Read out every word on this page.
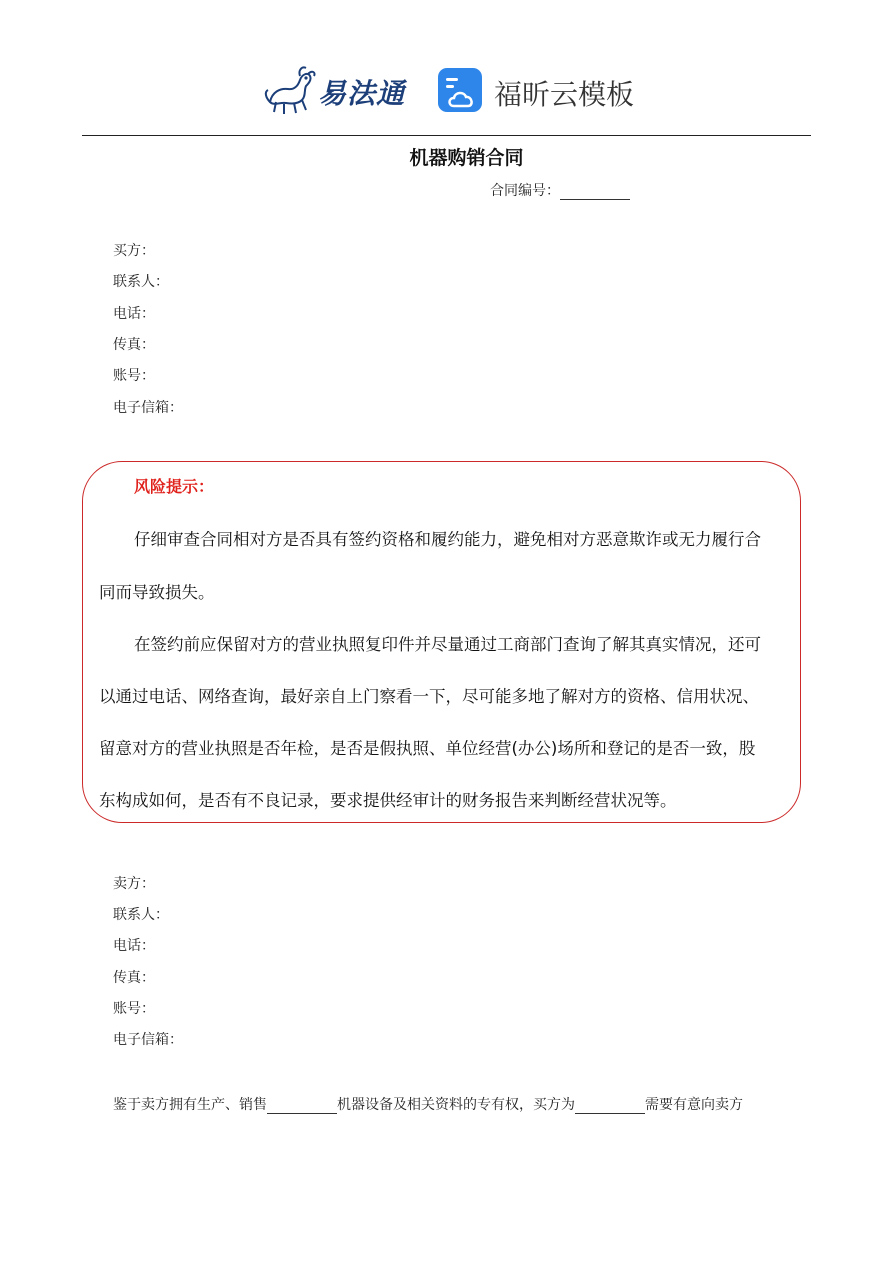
易法通	福昕云模板
机器购销合同
合同编号：
买方：
联系人：
电话：
传真：
账号：
电子信箱：
风险提示：
仔细审查合同相对方是否具有签约资格和履约能力，避免相对方恶意欺诈或无力履行合
同而导致损失。
在签约前应保留对方的营业执照复印件并尽量通过工商部门查询了解其真实情况，还可
以通过电话、网络查询，最好亲自上门察看一下，尽可能多地了解对方的资格、信用状况、
留意对方的营业执照是否年检，是否是假执照、单位经营(办公)场所和登记的是否一致，股
东构成如何，是否有不良记录，要求提供经审计的财务报告来判断经营状况等。
卖方：
联系人：
电话：
传真：
账号：
电子信箱：
鉴于卖方拥有生产、销售	机器设备及相关资料的专有权，买方为	需要有意向卖方
